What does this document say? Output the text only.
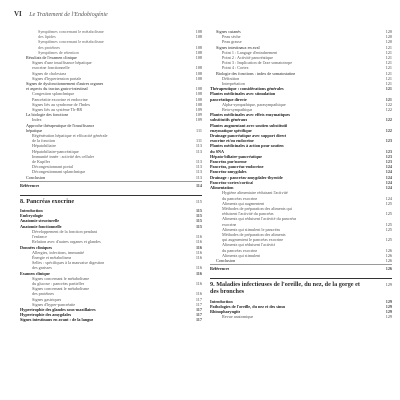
VI Le Traitement de l'Endobiogénie
Symptômes concernant le métabolisme	108
des lipides	108
Symptômes concernant le métabolisme
des protéines	108
Symptômes de rétention	108
Résultats de l'examen clinique	108
Signes d'une insuffisance hépatique
exocrine fonctionnelle	108
Signes de cholestase	108
Signes d'hypertension portale	108
Signes de dysfonctionnement d'autres organes
et aspects du tractus gastro-intestinal	108
Congestion splanchnique	108
Pancréatite exocrine et endocrine	108
Signes liés au syndrome de l'Index	108
Signes liés au système Th-BR	109
La biologie des fonctions	109
Index	109
Approche thérapeutique de l'insuffisance
hépatique	111
Régénération hépatique et efficacité générale
de la fonction	111
Hépatobiliaire	113
Hépatobiliaire-pancréatique	113
Immunité innée : activité des cellules
de Kupffer	113
Décongestionnant portal	113
Décongestionnant splanchnique	113
Conclusion	113
Références	114
8. Pancréas exocrine	115
Introduction	115
Embryologie	115
Anatomie structurelle	115
Anatomie fonctionnelle	115
Développement de la fonction pendant
l'enfance	116
Relation avec d'autres organes et glandes	116
Données cliniques	116
Allergies, infections, immunité	116
Énergie et métabolisme	116
Selles : spécifiques à la mauvaise digestion
des graisses	116
Examen clinique	116
Signes concernant le métabolisme
du glucose : pancréas partielles	116
Signes concernant le métabolisme
des protéines	116
Signes gastriques	117
Signes d'hyper-pancréatie	117
Hypertrophie des glandes sous-maxillaires	117
Hypertrophie des amygdales	117
Signes intestinaux en avant : de la langue	117
Signes cutanés	120
Peau sèche	120
Peau grasse	120
Signes intestinaux en aval	121
Point 1 : Langage d'entraînement	121
Point 2 : Activité pancréatique	121
Point 3 : Implication de l'axe somatotrope	121
Point 4 : Cortex	121
Biologie des fonctions : index de somatostatine	121
Définition	121
Interprétation	121
Thérapeutique : considérations générales	121
Plantes médicinales avec stimulation
pancréatique directe	121
Alpha-sympathique, parasympathique	122
Beta-sympathique	122
Plantes médicinales avec effets enzymatiques
substitutifs généraux	122
Plantes augmentant avec soutien substitutif
enzymatique spécifique	122
Drainage pancréatique avec support direct
exocrine et/ou endocrine	123
Plantes médicinales à action pour soutien
du SNA	123
Hépato-biliaire-pancréatique	123
Pancréas pur/norme	123
Pancréas, pancréas-endocrine	124
Pancréas-amygdales	124
Drainage : pancréas-amygdales-thyroïde	124
Pancréas-cortex/cortical	124
Alimentation	124
Hygiène alimentaire réduisant l'activité
du pancréas exocrine	124
Aliments qui augmentent	125
Méthodes de préparation des aliments qui
réduisent l'activité du pancréas	125
Aliments qui réduisent l'activité du pancréas
exocrine	125
Aliments qui stimulent le pancréas	125
Méthodes de préparation des aliments
qui augmentent le pancréas exocrine	125
Aliments qui réduisent l'activité
du pancréas exocrine	126
Aliments qui stimulent	126
Conclusion	126
Références	126
9. Maladies infectieuses de l'oreille, du nez, de la gorge et des bronches
129
Introduction	129
Pathologies de l'oreille, du nez et des sinus	129
Rhinopharyngite	129
Revue anatomique	129
